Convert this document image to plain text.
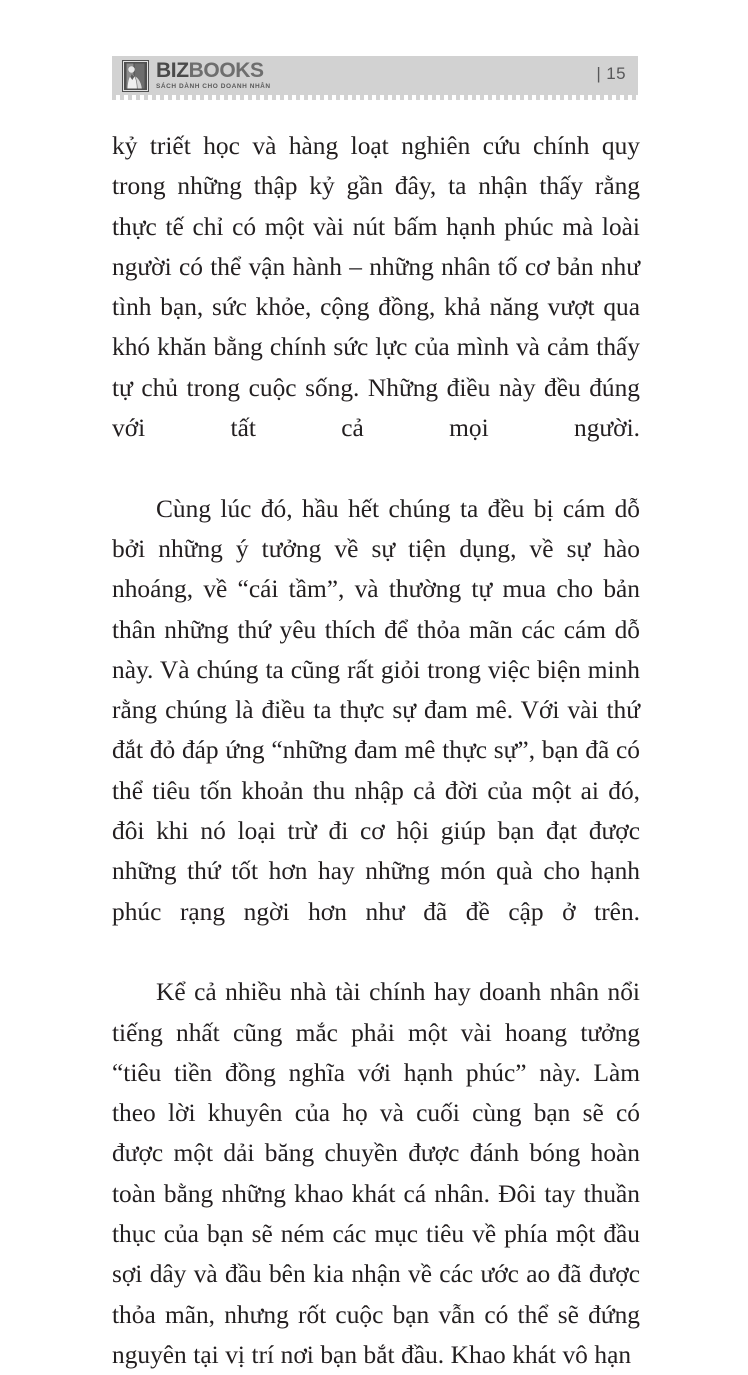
BIZBOOKS
SÁCH DÀNH CHO DOANH NHÂN
| 15

kỷ triết học và hàng loạt nghiên cứu chính quy trong những thập kỷ gần đây, ta nhận thấy rằng thực tế chỉ có một vài nút bấm hạnh phúc mà loài người có thể vận hành – những nhân tố cơ bản như tình bạn, sức khỏe, cộng đồng, khả năng vượt qua khó khăn bằng chính sức lực của mình và cảm thấy tự chủ trong cuộc sống. Những điều này đều đúng với tất cả mọi người.

Cùng lúc đó, hầu hết chúng ta đều bị cám dỗ bởi những ý tưởng về sự tiện dụng, về sự hào nhoáng, về “cái tầm”, và thường tự mua cho bản thân những thứ yêu thích để thỏa mãn các cám dỗ này. Và chúng ta cũng rất giỏi trong việc biện minh rằng chúng là điều ta thực sự đam mê. Với vài thứ đắt đỏ đáp ứng “những đam mê thực sự”, bạn đã có thể tiêu tốn khoản thu nhập cả đời của một ai đó, đôi khi nó loại trừ đi cơ hội giúp bạn đạt được những thứ tốt hơn hay những món quà cho hạnh phúc rạng ngời hơn như đã đề cập ở trên.

Kể cả nhiều nhà tài chính hay doanh nhân nổi tiếng nhất cũng mắc phải một vài hoang tưởng “tiêu tiền đồng nghĩa với hạnh phúc” này. Làm theo lời khuyên của họ và cuối cùng bạn sẽ có được một dải băng chuyền được đánh bóng hoàn toàn bằng những khao khát cá nhân. Đôi tay thuần thục của bạn sẽ ném các mục tiêu về phía một đầu sợi dây và đầu bên kia nhận về các ước ao đã được thỏa mãn, nhưng rốt cuộc bạn vẫn có thể sẽ đứng nguyên tại vị trí nơi bạn bắt đầu. Khao khát vô hạn
